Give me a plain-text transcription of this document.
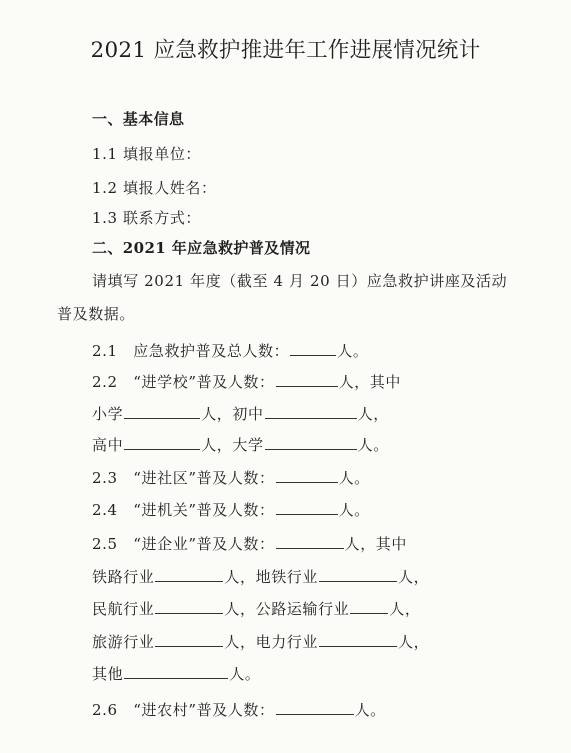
2021 应急救护推进年工作进展情况统计
一、基本信息
1.1 填报单位：
1.2 填报人姓名：
1.3 联系方式：
二、2021 年应急救护普及情况
请填写 2021 年度（截至 4 月 20 日）应急救护讲座及活动
普及数据。
2.1　应急救护普及总人数：	人。
2.2　“进学校”普及人数：	人，其中
小学	人，初中	人，
高中	人，大学	人。
2.3　“进社区”普及人数：	人。
2.4　“进机关”普及人数：	人。
2.5　“进企业”普及人数：	人，其中
铁路行业	人，地铁行业	人，
民航行业	人，公路运输行业	人，
旅游行业	人，电力行业	人，
其他	人。
2.6　“进农村”普及人数：	人。
